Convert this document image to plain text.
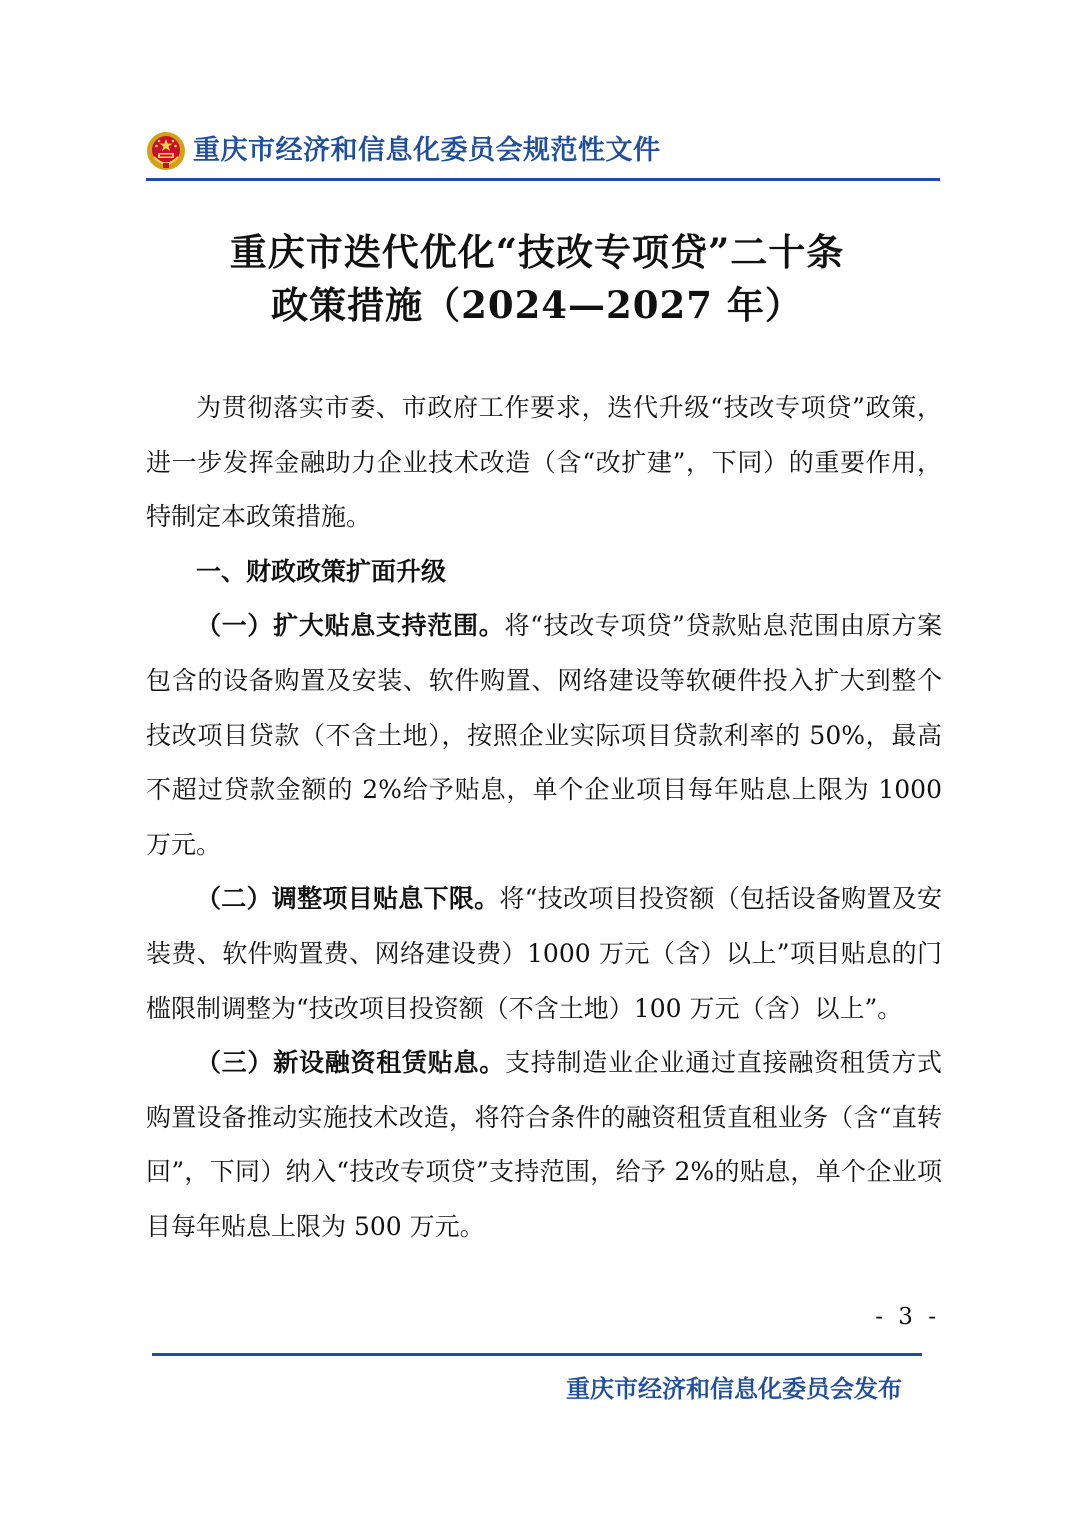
重庆市经济和信息化委员会规范性文件
重庆市迭代优化“技改专项贷”二十条
政策措施（2024—2027 年）

为贯彻落实市委、市政府工作要求，迭代升级“技改专项贷”政策，进一步发挥金融助力企业技术改造（含“改扩建”，下同）的重要作用，特制定本政策措施。

一、财政政策扩面升级

（一）扩大贴息支持范围。将“技改专项贷”贷款贴息范围由原方案包含的设备购置及安装、软件购置、网络建设等软硬件投入扩大到整个技改项目贷款（不含土地），按照企业实际项目贷款利率的 50%，最高不超过贷款金额的 2%给予贴息，单个企业项目每年贴息上限为 1000 万元。

（二）调整项目贴息下限。将“技改项目投资额（包括设备购置及安装费、软件购置费、网络建设费）1000 万元（含）以上”项目贴息的门槛限制调整为“技改项目投资额（不含土地）100 万元（含）以上”。

（三）新设融资租赁贴息。支持制造业企业通过直接融资租赁方式购置设备推动实施技术改造，将符合条件的融资租赁直租业务（含“直转回”，下同）纳入“技改专项贷”支持范围，给予 2%的贴息，单个企业项目每年贴息上限为 500 万元。

- 3 -
重庆市经济和信息化委员会发布
